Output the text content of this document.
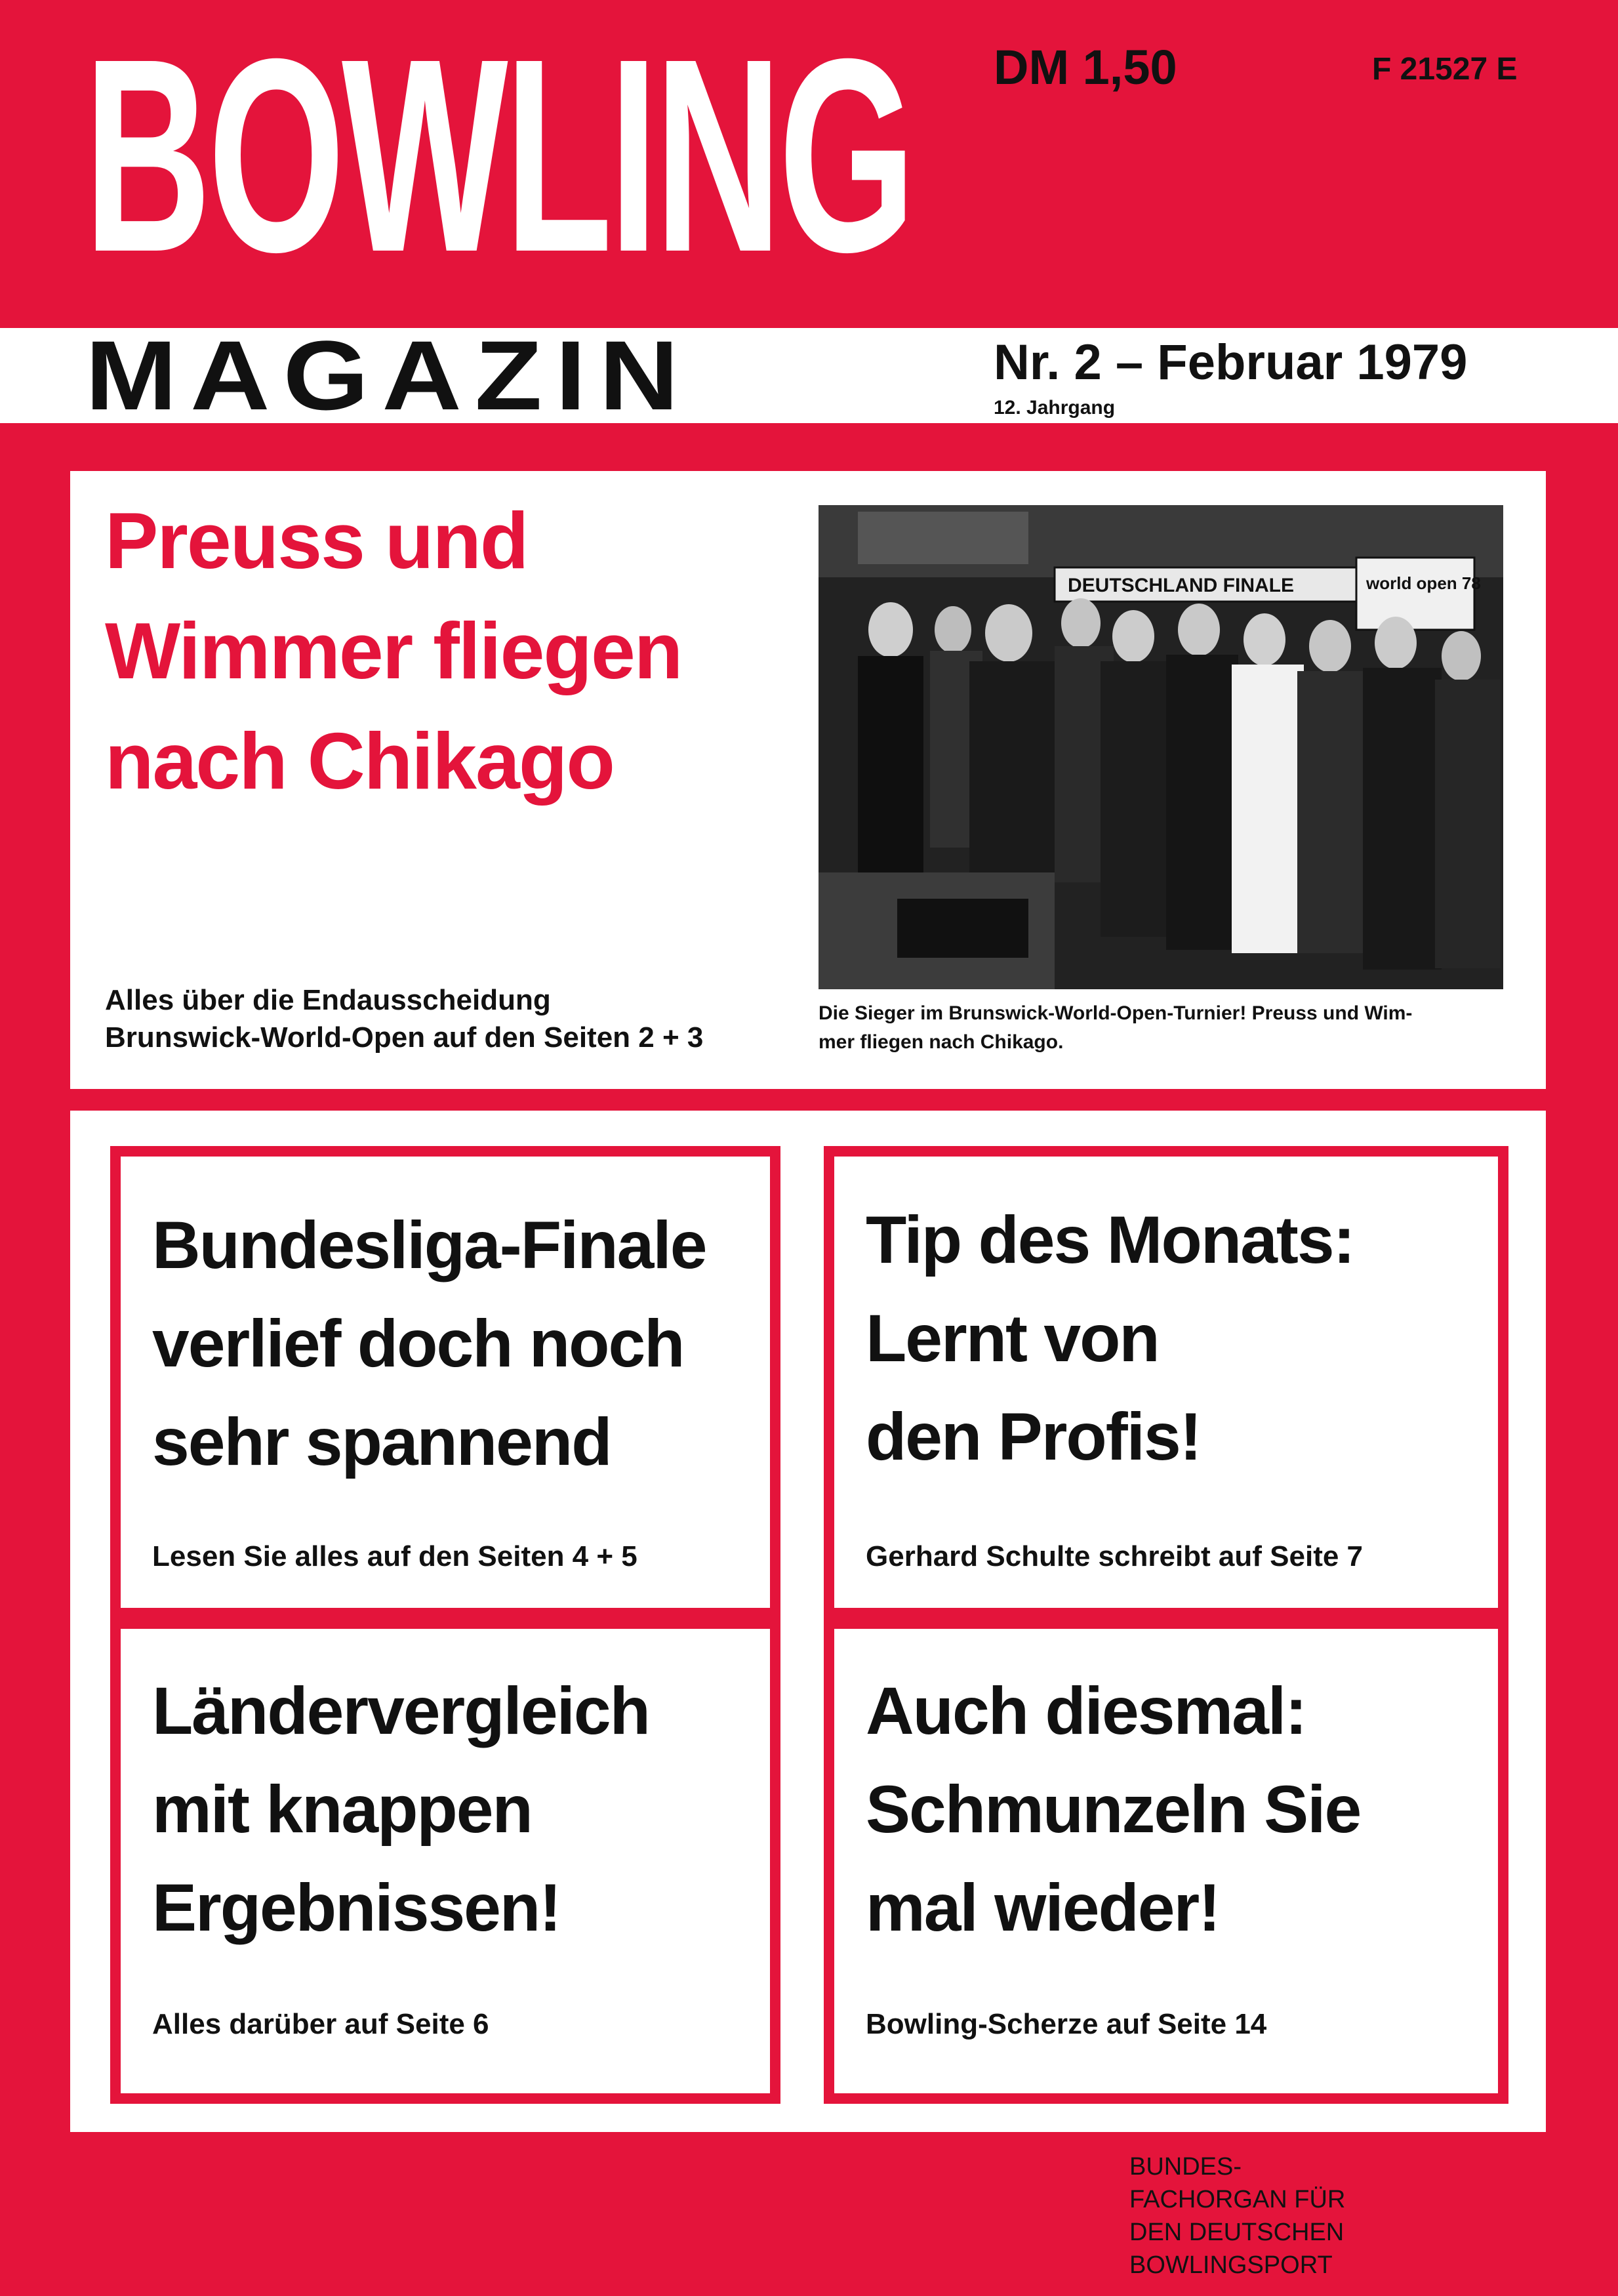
BOWLING DM 1,50	F 21527 E
MAGAZIN	Nr. 2 – Februar 1979
12. Jahrgang
Preuss und
Wimmer fliegen
nach Chikago
Alles über die Endausscheidung
Brunswick-World-Open auf den Seiten 2 + 3
DEUTSCHLAND FINALE	world open 78
Die Sieger im Brunswick-World-Open-Turnier! Preuss und Wim-
mer fliegen nach Chikago.
Bundesliga-Finale
verlief doch noch
sehr spannend
Lesen Sie alles auf den Seiten 4 + 5
Tip des Monats:
Lernt von
den Profis!
Gerhard Schulte schreibt auf Seite 7
Ländervergleich
mit knappen
Ergebnissen!
Alles darüber auf Seite 6
Auch diesmal:
Schmunzeln Sie
mal wieder!
Bowling-Scherze auf Seite 14
BUNDES-
FACHORGAN FÜR
DEN DEUTSCHEN
BOWLINGSPORT
